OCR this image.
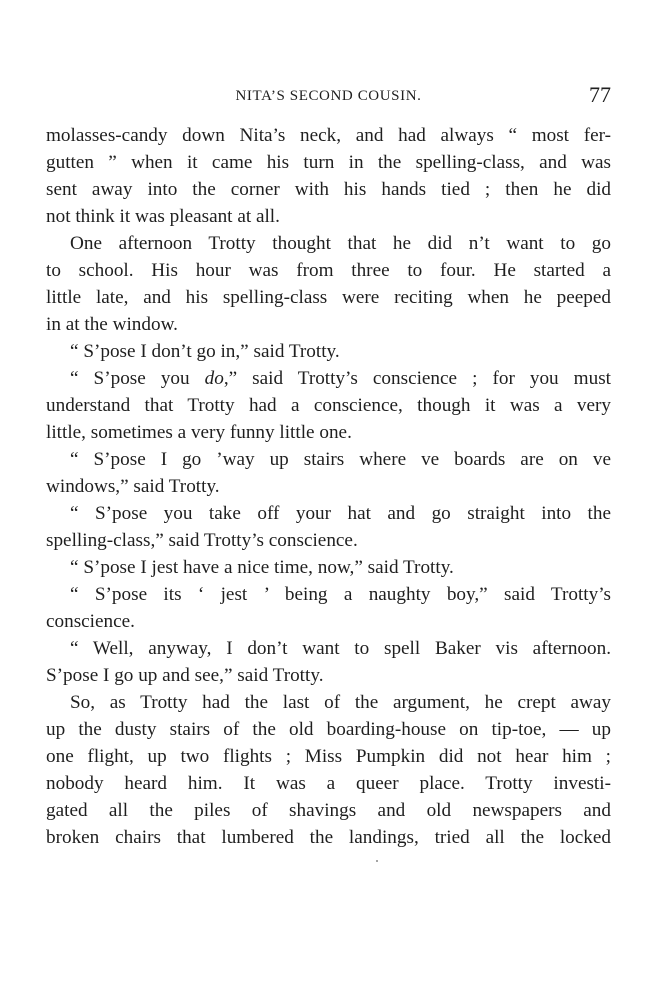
NITA’S SECOND COUSIN.	77
molasses-candy down Nita’s neck, and had always “ most fer-
gutten ” when it came his turn in the spelling-class, and was
sent away into the corner with his hands tied ; then he did
not think it was pleasant at all.
One afternoon Trotty thought that he did n’t want to go
to school. His hour was from three to four. He started a
little late, and his spelling-class were reciting when he peeped
in at the window.
“ S’pose I don’t go in,” said Trotty.
“ S’pose you do,” said Trotty’s conscience ; for you must
understand that Trotty had a conscience, though it was a very
little, sometimes a very funny little one.
“ S’pose I go ’way up stairs where ve boards are on ve
windows,” said Trotty.
“ S’pose you take off your hat and go straight into the
spelling-class,” said Trotty’s conscience.
“ S’pose I jest have a nice time, now,” said Trotty.
“ S’pose its ‘ jest ’ being a naughty boy,” said Trotty’s
conscience.
“ Well, anyway, I don’t want to spell Baker vis afternoon.
S’pose I go up and see,” said Trotty.
So, as Trotty had the last of the argument, he crept away
up the dusty stairs of the old boarding-house on tip-toe, — up
one flight, up two flights ; Miss Pumpkin did not hear him ;
nobody heard him. It was a queer place. Trotty investi-
gated all the piles of shavings and old newspapers and
broken chairs that lumbered the landings, tried all the locked
